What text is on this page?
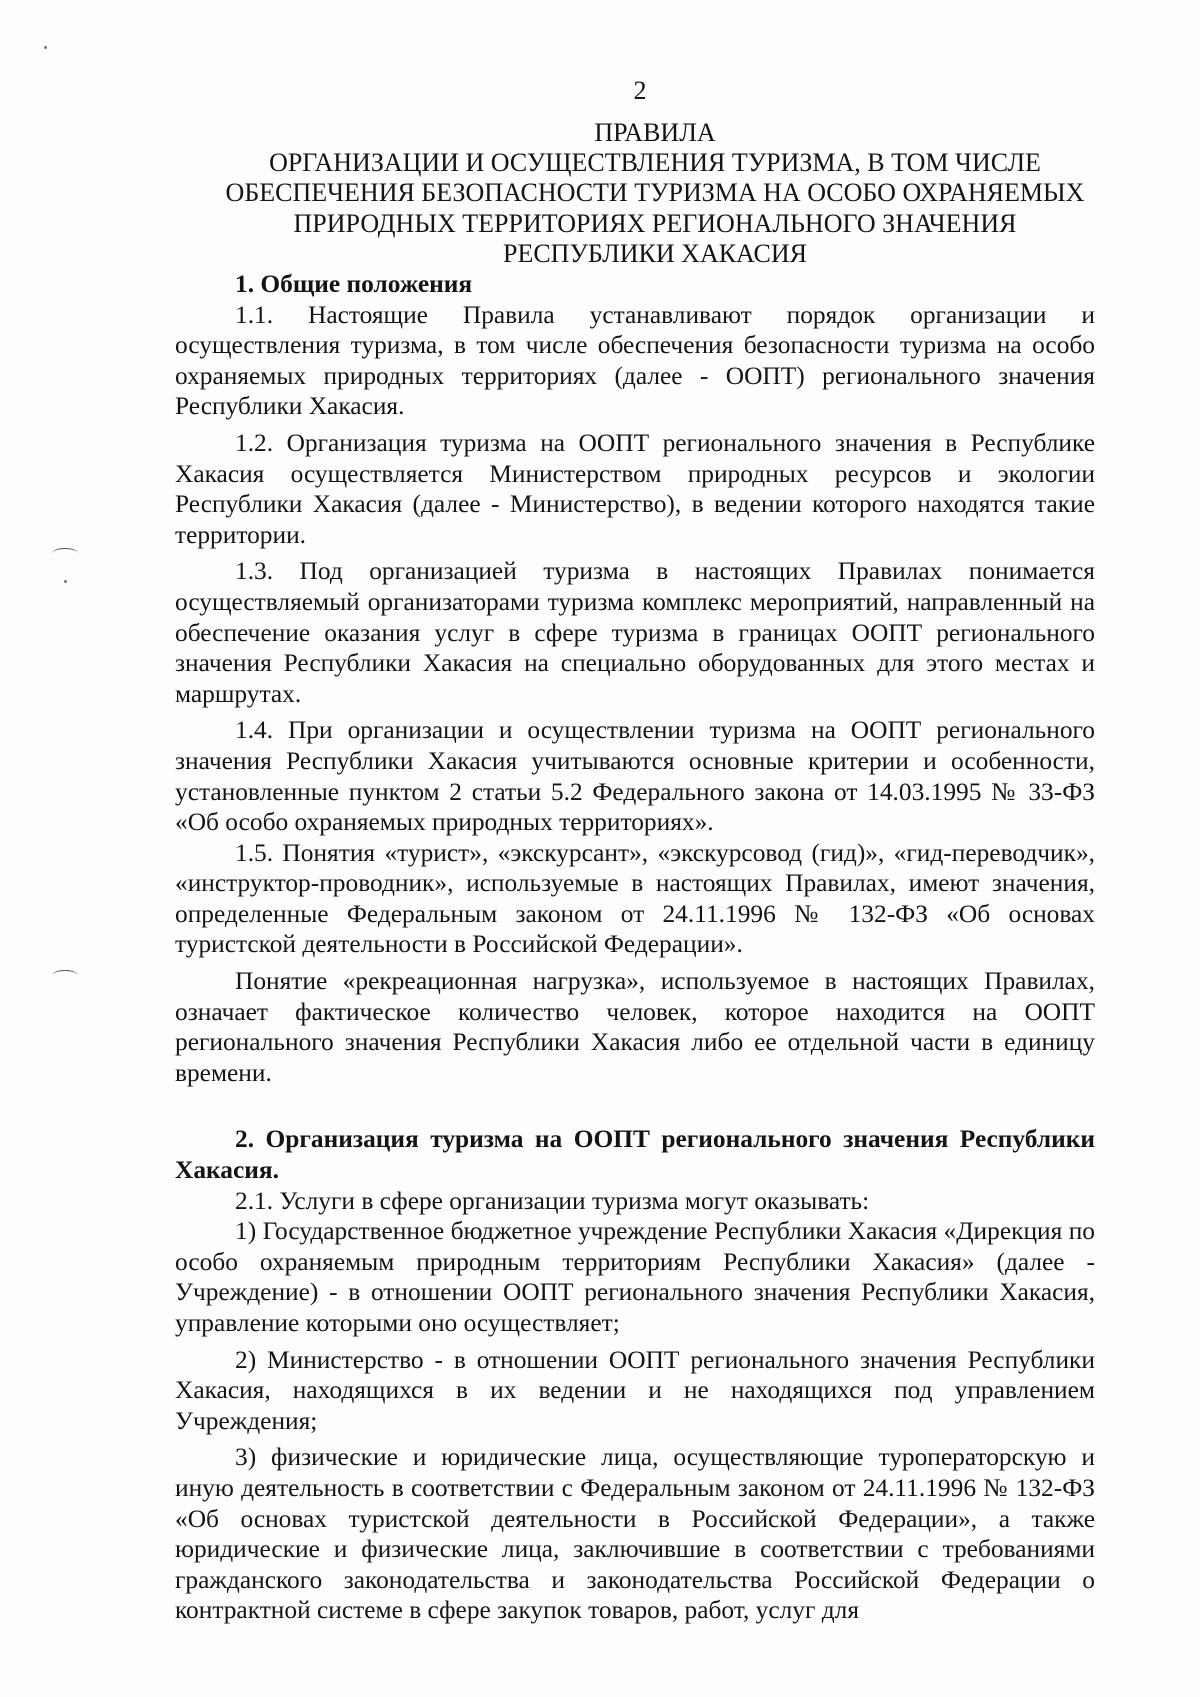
2
ПРАВИЛА
ОРГАНИЗАЦИИ И ОСУЩЕСТВЛЕНИЯ ТУРИЗМА, В ТОМ ЧИСЛЕ
ОБЕСПЕЧЕНИЯ БЕЗОПАСНОСТИ ТУРИЗМА НА ОСОБО ОХРАНЯЕМЫХ
ПРИРОДНЫХ ТЕРРИТОРИЯХ РЕГИОНАЛЬНОГО ЗНАЧЕНИЯ
РЕСПУБЛИКИ ХАКАСИЯ

1. Общие положения

1.1. Настоящие Правила устанавливают порядок организации и осуществления туризма, в том числе обеспечения безопасности туризма на особо охраняемых природных территориях (далее - ООПТ) регионального значения Республики Хакасия.

1.2. Организация туризма на ООПТ регионального значения в Республике Хакасия осуществляется Министерством природных ресурсов и экологии Республики Хакасия (далее - Министерство), в ведении которого находятся такие территории.

1.3. Под организацией туризма в настоящих Правилах понимается осуществляемый организаторами туризма комплекс мероприятий, направленный на обеспечение оказания услуг в сфере туризма в границах ООПТ регионального значения Республики Хакасия на специально оборудованных для этого местах и маршрутах.

1.4. При организации и осуществлении туризма на ООПТ регионального значения Республики Хакасия учитываются основные критерии и особенности, установленные пунктом 2 статьи 5.2 Федерального закона от 14.03.1995 № 33-ФЗ «Об особо охраняемых природных территориях».

1.5. Понятия «турист», «экскурсант», «экскурсовод (гид)», «гид-переводчик», «инструктор-проводник», используемые в настоящих Правилах, имеют значения, определенные Федеральным законом от 24.11.1996 № 132-ФЗ «Об основах туристской деятельности в Российской Федерации».

Понятие «рекреационная нагрузка», используемое в настоящих Правилах, означает фактическое количество человек, которое находится на ООПТ регионального значения Республики Хакасия либо ее отдельной части в единицу времени.

2. Организация туризма на ООПТ регионального значения Республики Хакасия.

2.1. Услуги в сфере организации туризма могут оказывать:

1) Государственное бюджетное учреждение Республики Хакасия «Дирекция по особо охраняемым природным территориям Республики Хакасия» (далее - Учреждение) - в отношении ООПТ регионального значения Республики Хакасия, управление которыми оно осуществляет;

2) Министерство - в отношении ООПТ регионального значения Республики Хакасия, находящихся в их ведении и не находящихся под управлением Учреждения;

3) физические и юридические лица, осуществляющие туроператорскую и иную деятельность в соответствии с Федеральным законом от 24.11.1996 № 132-ФЗ «Об основах туристской деятельности в Российской Федерации», а также юридические и физические лица, заключившие в соответствии с требованиями гражданского законодательства и законодательства Российской Федерации о контрактной системе в сфере закупок товаров, работ, услуг для
